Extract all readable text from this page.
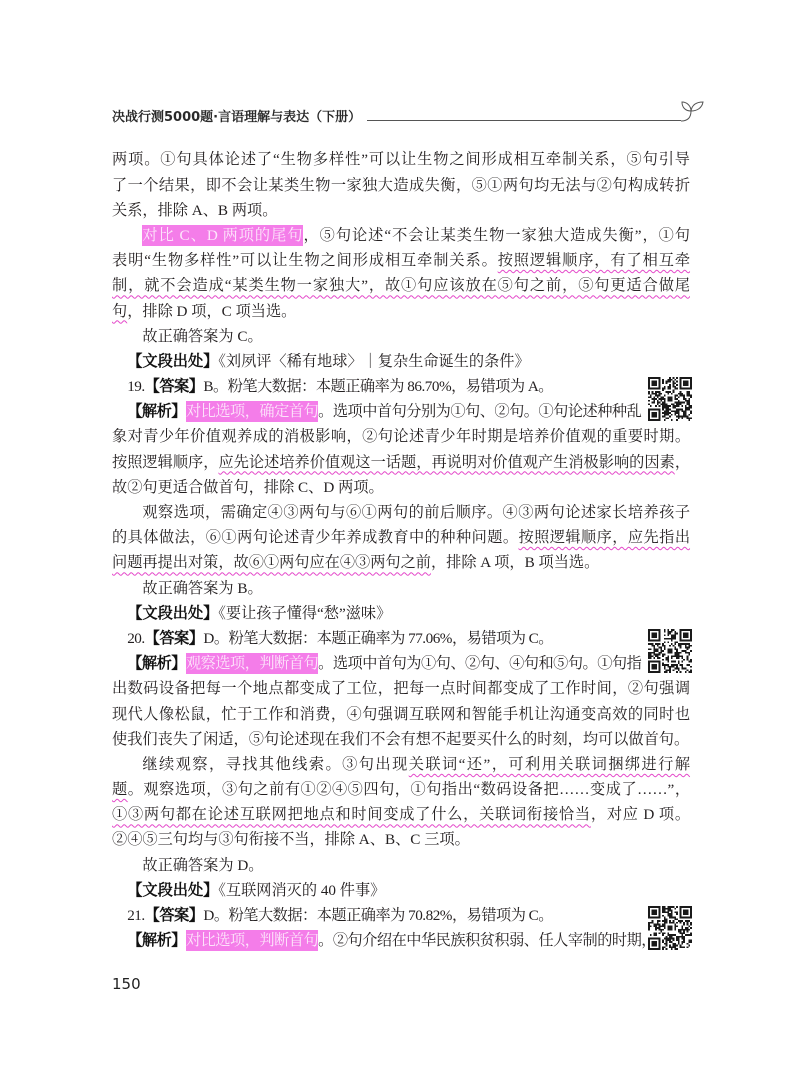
决战行测5000题·言语理解与表达（下册）
两项。①句具体论述了“生物多样性”可以让生物之间形成相互牵制关系，⑤句引导
了一个结果，即不会让某类生物一家独大造成失衡，⑤①两句均无法与②句构成转折
关系，排除 A、B 两项。
对比 C、D 两项的尾句，⑤句论述“不会让某类生物一家独大造成失衡”，①句
表明“生物多样性”可以让生物之间形成相互牵制关系。按照逻辑顺序，有了相互牵
制，就不会造成“某类生物一家独大”，故①句应该放在⑤句之前，⑤句更适合做尾
句，排除 D 项，C 项当选。
故正确答案为 C。
【文段出处】《刘夙评〈稀有地球〉｜复杂生命诞生的条件》
19.【答案】B。粉笔大数据：本题正确率为 86.70%，易错项为 A。
【解析】对比选项，确定首句。选项中首句分别为①句、②句。①句论述种种乱
象对青少年价值观养成的消极影响，②句论述青少年时期是培养价值观的重要时期。
按照逻辑顺序，应先论述培养价值观这一话题，再说明对价值观产生消极影响的因素，
故②句更适合做首句，排除 C、D 两项。
观察选项，需确定④③两句与⑥①两句的前后顺序。④③两句论述家长培养孩子
的具体做法，⑥①两句论述青少年养成教育中的种种问题。按照逻辑顺序，应先指出
问题再提出对策，故⑥①两句应在④③两句之前，排除 A 项，B 项当选。
故正确答案为 B。
【文段出处】《要让孩子懂得“愁”滋味》
20.【答案】D。粉笔大数据：本题正确率为 77.06%，易错项为 C。
【解析】观察选项，判断首句。选项中首句为①句、②句、④句和⑤句。①句指
出数码设备把每一个地点都变成了工位，把每一点时间都变成了工作时间，②句强调
现代人像松鼠，忙于工作和消费，④句强调互联网和智能手机让沟通变高效的同时也
使我们丧失了闲适，⑤句论述现在我们不会有想不起要买什么的时刻，均可以做首句。
继续观察，寻找其他线索。③句出现关联词“还”，可利用关联词捆绑进行解
题。观察选项，③句之前有①②④⑤四句，①句指出“数码设备把……变成了……”，
①③两句都在论述互联网把地点和时间变成了什么，关联词衔接恰当，对应 D 项。
②④⑤三句均与③句衔接不当，排除 A、B、C 三项。
故正确答案为 D。
【文段出处】《互联网消灭的 40 件事》
21.【答案】D。粉笔大数据：本题正确率为 70.82%，易错项为 C。
【解析】对比选项，判断首句。②句介绍在中华民族积贫积弱、任人宰制的时期，
150
